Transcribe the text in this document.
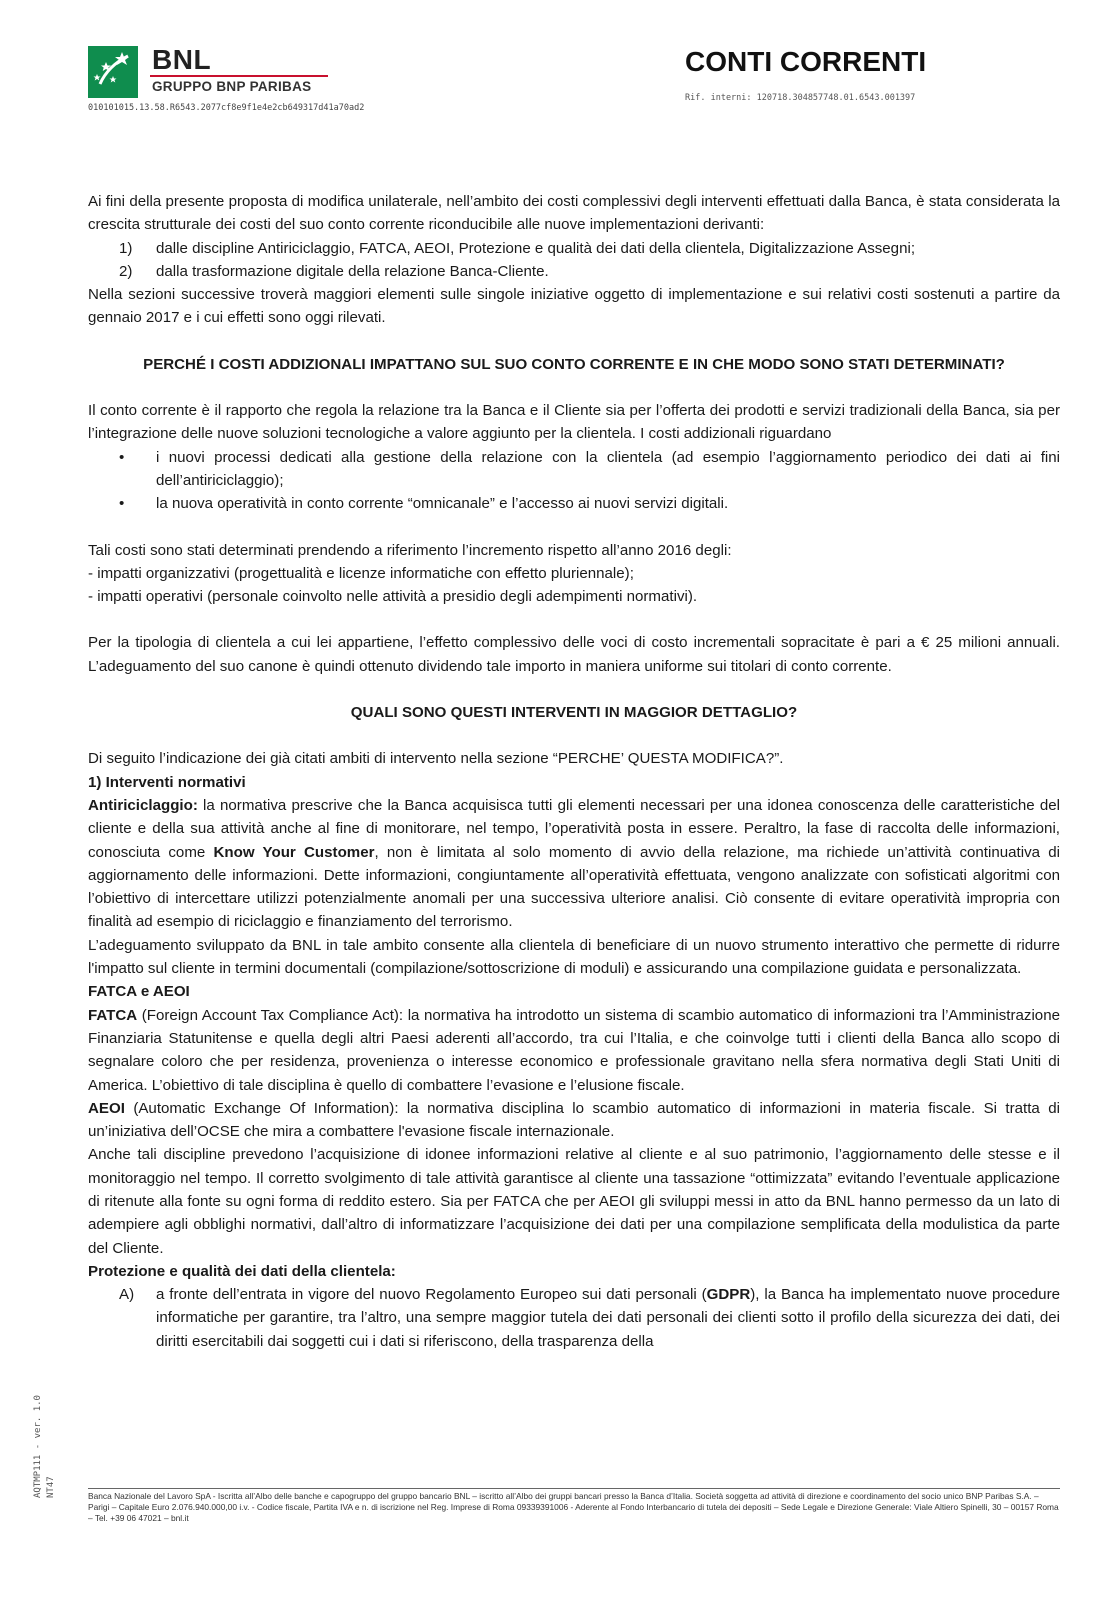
BNL
GRUPPO BNP PARIBAS
010101015.13.58.R6543.2077cf8e9f1e4e2cb649317d41a70ad2
CONTI CORRENTI
Rif. interni: 120718.304857748.01.6543.001397

Ai fini della presente proposta di modifica unilaterale, nell’ambito dei costi complessivi degli interventi effettuati dalla Banca, è stata considerata la crescita strutturale dei costi del suo conto corrente riconducibile alle nuove implementazioni derivanti:

1)	dalle discipline Antiriciclaggio, FATCA, AEOI, Protezione e qualità dei dati della clientela, Digitalizzazione Assegni;
2)	dalla trasformazione digitale della relazione Banca-Cliente.

Nella sezioni successive troverà maggiori elementi sulle singole iniziative oggetto di implementazione e sui relativi costi sostenuti a partire da gennaio 2017 e i cui effetti sono oggi rilevati.

PERCHÉ I COSTI ADDIZIONALI IMPATTANO SUL SUO CONTO CORRENTE E IN CHE MODO SONO STATI DETERMINATI?

Il conto corrente è il rapporto che regola la relazione tra la Banca e il Cliente sia per l’offerta dei prodotti e servizi tradizionali della Banca, sia per l’integrazione delle nuove soluzioni tecnologiche a valore aggiunto per la clientela. I costi addizionali riguardano

•	i nuovi processi dedicati alla gestione della relazione con la clientela (ad esempio l’aggiornamento periodico dei dati ai fini dell’antiriciclaggio);
•	la nuova operatività in conto corrente “omnicanale” e l’accesso ai nuovi servizi digitali.

Tali costi sono stati determinati prendendo a riferimento l’incremento rispetto all’anno 2016 degli:

- impatti organizzativi (progettualità e licenze informatiche con effetto pluriennale);

- impatti operativi (personale coinvolto nelle attività a presidio degli adempimenti normativi).

Per la tipologia di clientela a cui lei appartiene, l’effetto complessivo delle voci di costo incrementali sopracitate è pari a € 25 milioni annuali. L’adeguamento del suo canone è quindi ottenuto dividendo tale importo in maniera uniforme sui titolari di conto corrente.

QUALI SONO QUESTI INTERVENTI IN MAGGIOR DETTAGLIO?

Di seguito l’indicazione dei già citati ambiti di intervento nella sezione “PERCHE’ QUESTA MODIFICA?”.

1) Interventi normativi

Antiriciclaggio: la normativa prescrive che la Banca acquisisca tutti gli elementi necessari per una idonea conoscenza delle caratteristiche del cliente e della sua attività anche al fine di monitorare, nel tempo, l’operatività posta in essere. Peraltro, la fase di raccolta delle informazioni, conosciuta come Know Your Customer, non è limitata al solo momento di avvio della relazione, ma richiede un’attività continuativa di aggiornamento delle informazioni. Dette informazioni, congiuntamente all’operatività effettuata, vengono analizzate con sofisticati algoritmi con l’obiettivo di intercettare utilizzi potenzialmente anomali per una successiva ulteriore analisi. Ciò consente di evitare operatività impropria con finalità ad esempio di riciclaggio e finanziamento del terrorismo.

L’adeguamento sviluppato da BNL in tale ambito consente alla clientela di beneficiare di un nuovo strumento interattivo che permette di ridurre l'impatto sul cliente in termini documentali (compilazione/sottoscrizione di moduli) e assicurando una compilazione guidata e personalizzata.

FATCA e AEOI

FATCA (Foreign Account Tax Compliance Act): la normativa ha introdotto un sistema di scambio automatico di informazioni tra l’Amministrazione Finanziaria Statunitense e quella degli altri Paesi aderenti all’accordo, tra cui l’Italia, e che coinvolge tutti i clienti della Banca allo scopo di segnalare coloro che per residenza, provenienza o interesse economico e professionale gravitano nella sfera normativa degli Stati Uniti di America. L’obiettivo di tale disciplina è quello di combattere l’evasione e l’elusione fiscale.

AEOI (Automatic Exchange Of Information): la normativa disciplina lo scambio automatico di informazioni in materia fiscale. Si tratta di un’iniziativa dell’OCSE che mira a combattere l'evasione fiscale internazionale.

Anche tali discipline prevedono l’acquisizione di idonee informazioni relative al cliente e al suo patrimonio, l’aggiornamento delle stesse e il monitoraggio nel tempo. Il corretto svolgimento di tale attività garantisce al cliente una tassazione “ottimizzata” evitando l’eventuale applicazione di ritenute alla fonte su ogni forma di reddito estero. Sia per FATCA che per AEOI gli sviluppi messi in atto da BNL hanno permesso da un lato di adempiere agli obblighi normativi, dall’altro di informatizzare l’acquisizione dei dati per una compilazione semplificata della modulistica da parte del Cliente.

Protezione e qualità dei dati della clientela:

A)	a fronte dell’entrata in vigore del nuovo Regolamento Europeo sui dati personali (GDPR), la Banca ha implementato nuove procedure informatiche per garantire, tra l’altro, una sempre maggior tutela dei dati personali dei clienti sotto il profilo della sicurezza dei dati, dei diritti esercitabili dai soggetti cui i dati si riferiscono, della trasparenza della
AQTMP111 - ver. 1.0 NT47	Banca Nazionale del Lavoro SpA - Iscritta all’Albo delle banche e capogruppo del gruppo bancario BNL – iscritto all’Albo dei gruppi bancari presso la Banca d’Italia. Società soggetta ad attività di direzione e coordinamento del socio unico BNP Paribas S.A. – Parigi – Capitale Euro 2.076.940.000,00 i.v. - Codice fiscale, Partita IVA e n. di iscrizione nel Reg. Imprese di Roma 09339391006 - Aderente al Fondo Interbancario di tutela dei depositi – Sede Legale e Direzione Generale: Viale Altiero Spinelli, 30 – 00157 Roma – Tel. +39 06 47021 – bnl.it
